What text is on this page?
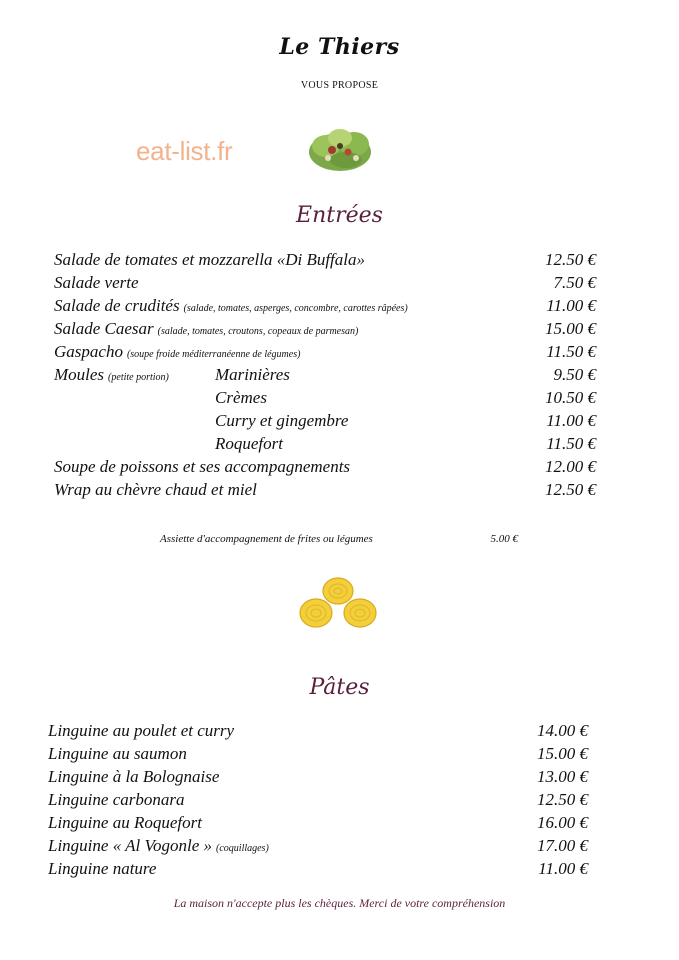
Le Thiers
VOUS PROPOSE
eat-list.fr
Entrées
Salade de tomates et mozzarella «Di Buffala»	12.50 €
Salade verte	7.50 €
Salade de crudités (salade, tomates, asperges, concombre, carottes râpées)	11.00 €
Salade Caesar (salade, tomates, croutons, copeaux de parmesan)	15.00 €
Gaspacho (soupe froide méditerranéenne de légumes)	11.50 €
Moules (petite portion)	Marinières	9.50 €
Crèmes	10.50 €
Curry et gingembre	11.00 €
Roquefort	11.50 €
Soupe de poissons et ses accompagnements	12.00 €
Wrap au chèvre chaud et miel	12.50 €
Assiette d'accompagnement de frites ou légumes	5.00 €
Pâtes
Linguine au poulet et curry	14.00 €
Linguine au saumon	15.00 €
Linguine à la Bolognaise	13.00 €
Linguine carbonara	12.50 €
Linguine au Roquefort	16.00 €
Linguine « Al Vogonle » (coquillages)	17.00 €
Linguine nature	11.00 €
La maison n'accepte plus les chèques. Merci de votre compréhension
